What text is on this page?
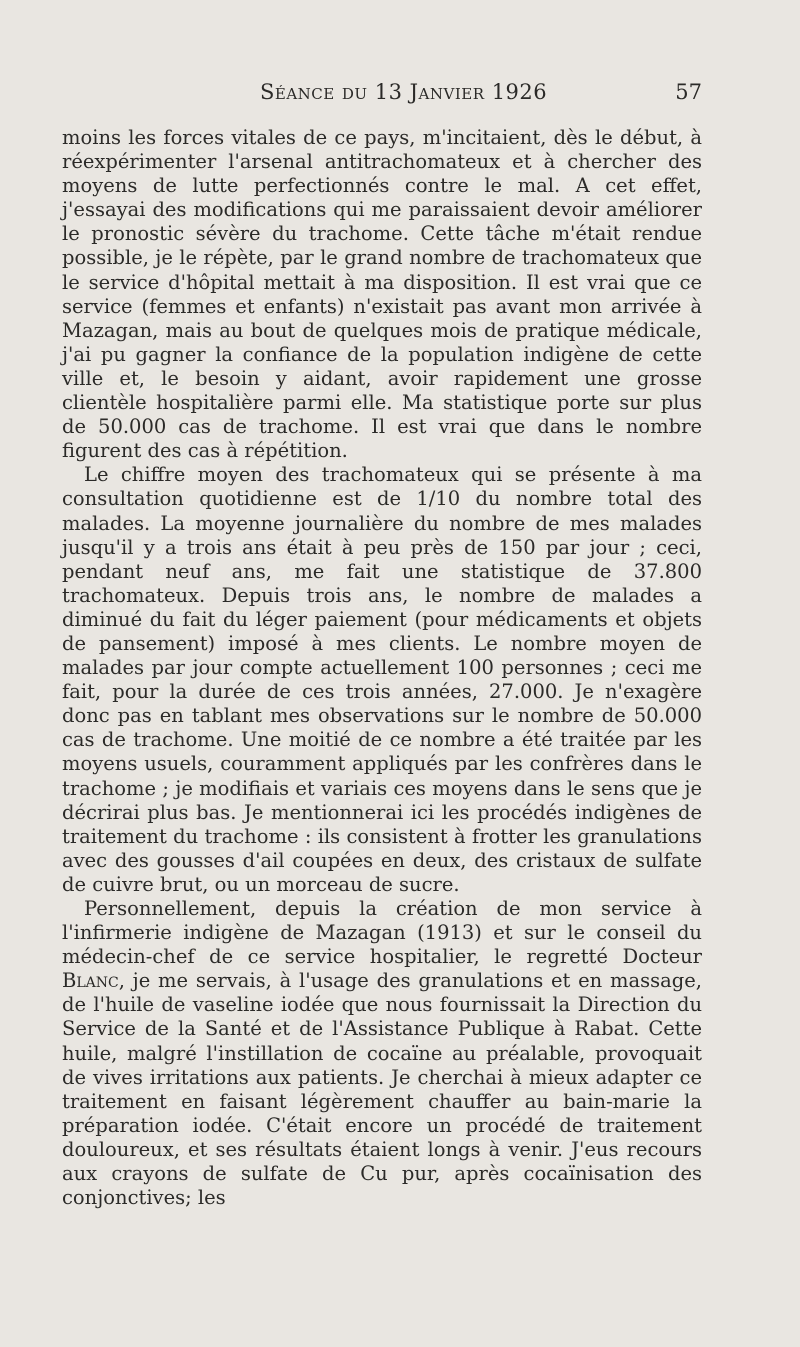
Séance du 13 Janvier 1926	57

moins les forces vitales de ce pays, m'incitaient, dès le début, à réexpérimenter l'arsenal antitrachomateux et à chercher des moyens de lutte perfectionnés contre le mal. A cet effet, j'essayai des modifications qui me paraissaient devoir améliorer le pronostic sévère du trachome. Cette tâche m'était rendue possible, je le répète, par le grand nombre de trachomateux que le service d'hôpital mettait à ma disposition. Il est vrai que ce service (femmes et enfants) n'existait pas avant mon arrivée à Mazagan, mais au bout de quelques mois de pratique médicale, j'ai pu gagner la confiance de la population indigène de cette ville et, le besoin y aidant, avoir rapidement une grosse clientèle hospitalière parmi elle. Ma statistique porte sur plus de 50.000 cas de trachome. Il est vrai que dans le nombre figurent des cas à répétition.

Le chiffre moyen des trachomateux qui se présente à ma consultation quotidienne est de 1/10 du nombre total des malades. La moyenne journalière du nombre de mes malades jusqu'il y a trois ans était à peu près de 150 par jour ; ceci, pendant neuf ans, me fait une statistique de 37.800 trachomateux. Depuis trois ans, le nombre de malades a diminué du fait du léger paiement (pour médicaments et objets de pansement) imposé à mes clients. Le nombre moyen de malades par jour compte actuellement 100 personnes ; ceci me fait, pour la durée de ces trois années, 27.000. Je n'exagère donc pas en tablant mes observations sur le nombre de 50.000 cas de trachome. Une moitié de ce nombre a été traitée par les moyens usuels, couramment appliqués par les confrères dans le trachome ; je modifiais et variais ces moyens dans le sens que je décrirai plus bas. Je mentionnerai ici les procédés indigènes de traitement du trachome : ils consistent à frotter les granulations avec des gousses d'ail coupées en deux, des cristaux de sulfate de cuivre brut, ou un morceau de sucre.

Personnellement, depuis la création de mon service à l'infirmerie indigène de Mazagan (1913) et sur le conseil du médecin-chef de ce service hospitalier, le regretté Docteur Blanc, je me servais, à l'usage des granulations et en massage, de l'huile de vaseline iodée que nous fournissait la Direction du Service de la Santé et de l'Assistance Publique à Rabat. Cette huile, malgré l'instillation de cocaïne au préalable, provoquait de vives irritations aux patients. Je cherchai à mieux adapter ce traitement en faisant légèrement chauffer au bain-marie la préparation iodée. C'était encore un procédé de traitement douloureux, et ses résultats étaient longs à venir. J'eus recours aux crayons de sulfate de Cu pur, après cocaïnisation des conjonctives; les
